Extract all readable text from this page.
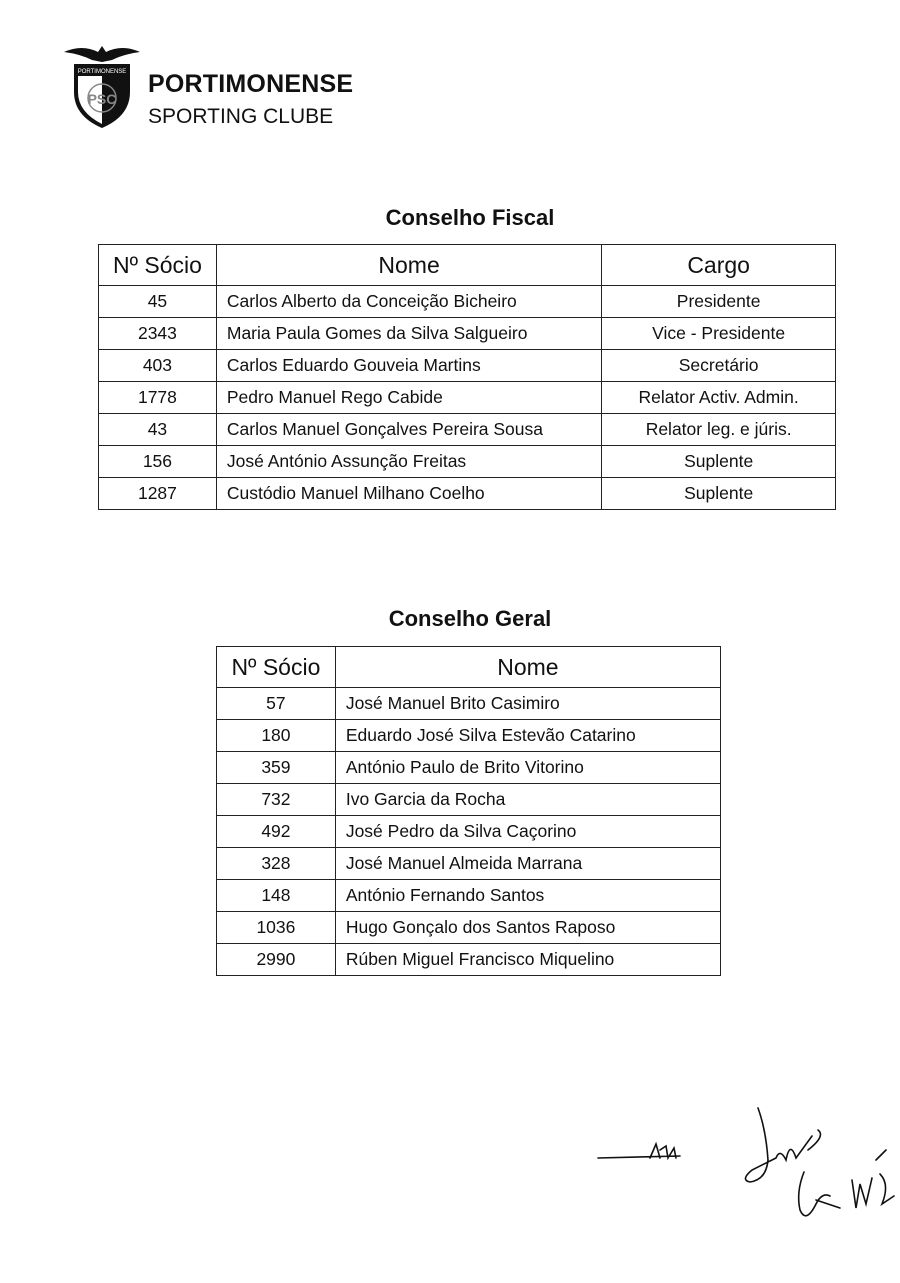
PORTIMONENSE
PSC
PORTIMONENSE
SPORTING CLUBE
Conselho Fiscal
Nº Sócio	Nome	Cargo
45	Carlos Alberto da Conceição Bicheiro	Presidente
2343	Maria Paula Gomes da Silva Salgueiro	Vice - Presidente
403	Carlos Eduardo Gouveia Martins	Secretário
1778	Pedro Manuel Rego Cabide	Relator Activ. Admin.
43	Carlos Manuel Gonçalves Pereira Sousa	Relator leg. e júris.
156	José António Assunção Freitas	Suplente
1287	Custódio Manuel Milhano Coelho	Suplente
Conselho Geral
Nº Sócio	Nome
57	José Manuel Brito Casimiro
180	Eduardo José Silva Estevão Catarino
359	António Paulo de Brito Vitorino
732	Ivo Garcia da Rocha
492	José Pedro da Silva Caçorino
328	José Manuel Almeida Marrana
148	António Fernando Santos
1036	Hugo Gonçalo dos Santos Raposo
2990	Rúben Miguel Francisco Miquelino
